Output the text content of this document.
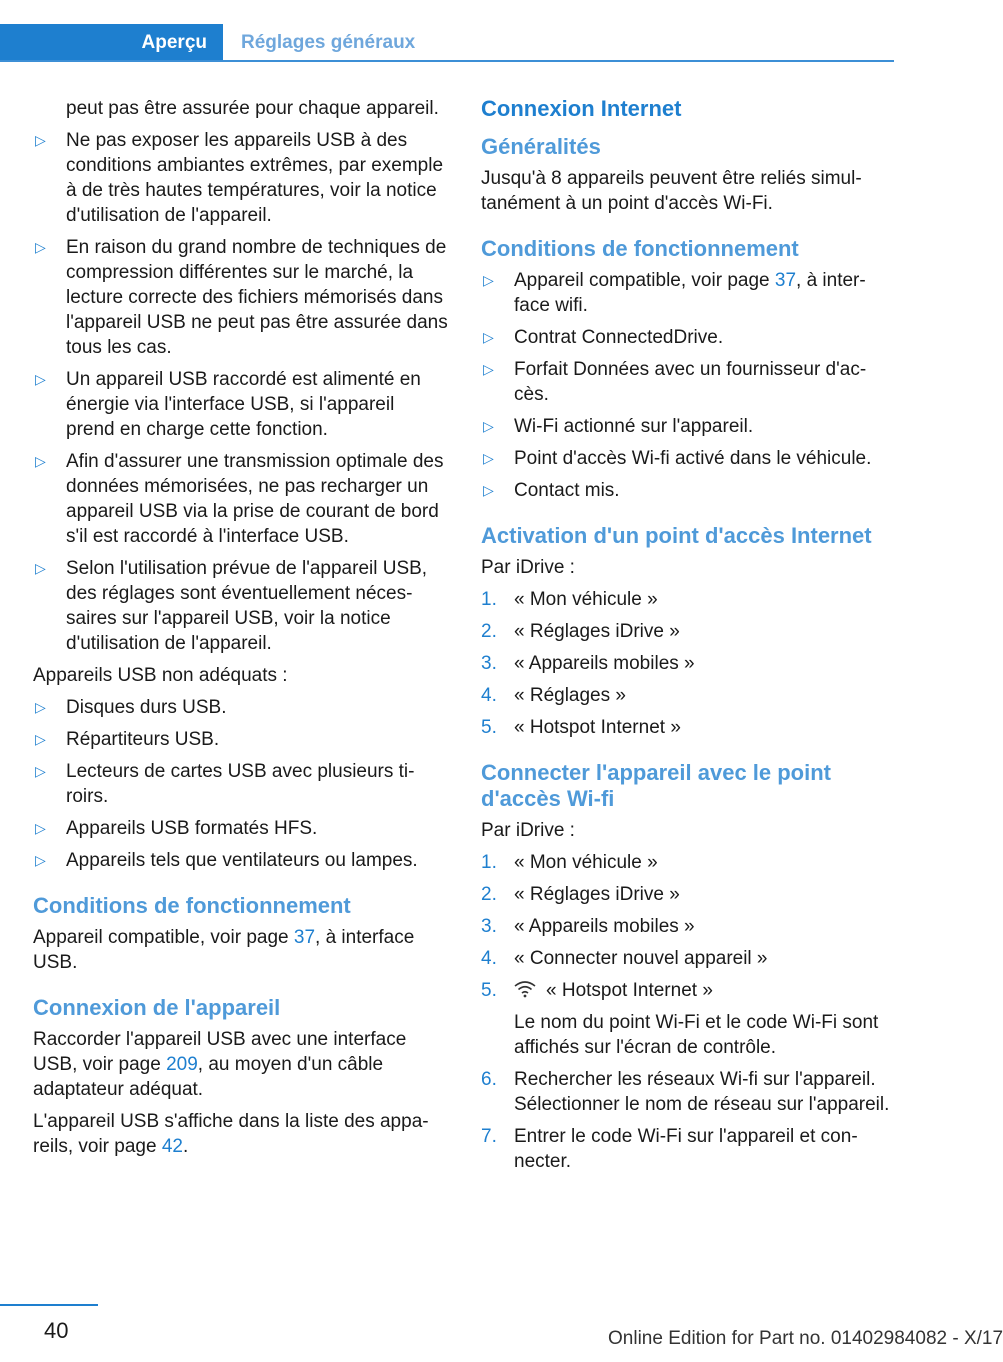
Aperçu Réglages généraux

peut pas être assurée pour chaque appareil.

▷ Ne pas exposer les appareils USB à des conditions ambiantes extrêmes, par exemple à de très hautes températures, voir la notice d'utilisation de l'appareil.
▷ En raison du grand nombre de techniques de compression différentes sur le marché, la lecture correcte des fichiers mémorisés dans l'appareil USB ne peut pas être assurée dans tous les cas.
▷ Un appareil USB raccordé est alimenté en énergie via l'interface USB, si l'appareil prend en charge cette fonction.
▷ Afin d'assurer une transmission optimale des données mémorisées, ne pas recharger un appareil USB via la prise de courant de bord s'il est raccordé à l'interface USB.
▷ Selon l'utilisation prévue de l'appareil USB, des réglages sont éventuellement nécessaires sur l'appareil USB, voir la notice d'utilisation de l'appareil.

Appareils USB non adéquats :

▷ Disques durs USB.
▷ Répartiteurs USB.
▷ Lecteurs de cartes USB avec plusieurs tiroirs.
▷ Appareils USB formatés HFS.
▷ Appareils tels que ventilateurs ou lampes.
Conditions de fonctionnement

Appareil compatible, voir page 37, à interface USB.

Connexion de l'appareil

Raccorder l'appareil USB avec une interface USB, voir page 209, au moyen d'un câble adaptateur adéquat.

L'appareil USB s'affiche dans la liste des appareils, voir page 42.

Connexion Internet
Généralités

Jusqu'à 8 appareils peuvent être reliés simultanément à un point d'accès Wi-Fi.

Conditions de fonctionnement
▷ Appareil compatible, voir page 37, à interface wifi.
▷ Contrat ConnectedDrive.
▷ Forfait Données avec un fournisseur d'accès.
▷ Wi-Fi actionné sur l'appareil.
▷ Point d'accès Wi-fi activé dans le véhicule.
▷ Contact mis.
Activation d'un point d'accès Internet

Par iDrive :

1. « Mon véhicule »
2. « Réglages iDrive »
3. « Appareils mobiles »
4. « Réglages »
5. « Hotspot Internet »
Connecter l'appareil avec le point d'accès Wi-fi

Par iDrive :

1. « Mon véhicule »
2. « Réglages iDrive »
3. « Appareils mobiles »
4. « Connecter nouvel appareil »
5.	« Hotspot Internet »
Le nom du point Wi-Fi et le code Wi-Fi sont affichés sur l'écran de contrôle.
6. Rechercher les réseaux Wi-fi sur l'appareil. Sélectionner le nom de réseau sur l'appareil.
7. Entrer le code Wi-Fi sur l'appareil et connecter.
40	Online Edition for Part no. 01402984082 - X/17
